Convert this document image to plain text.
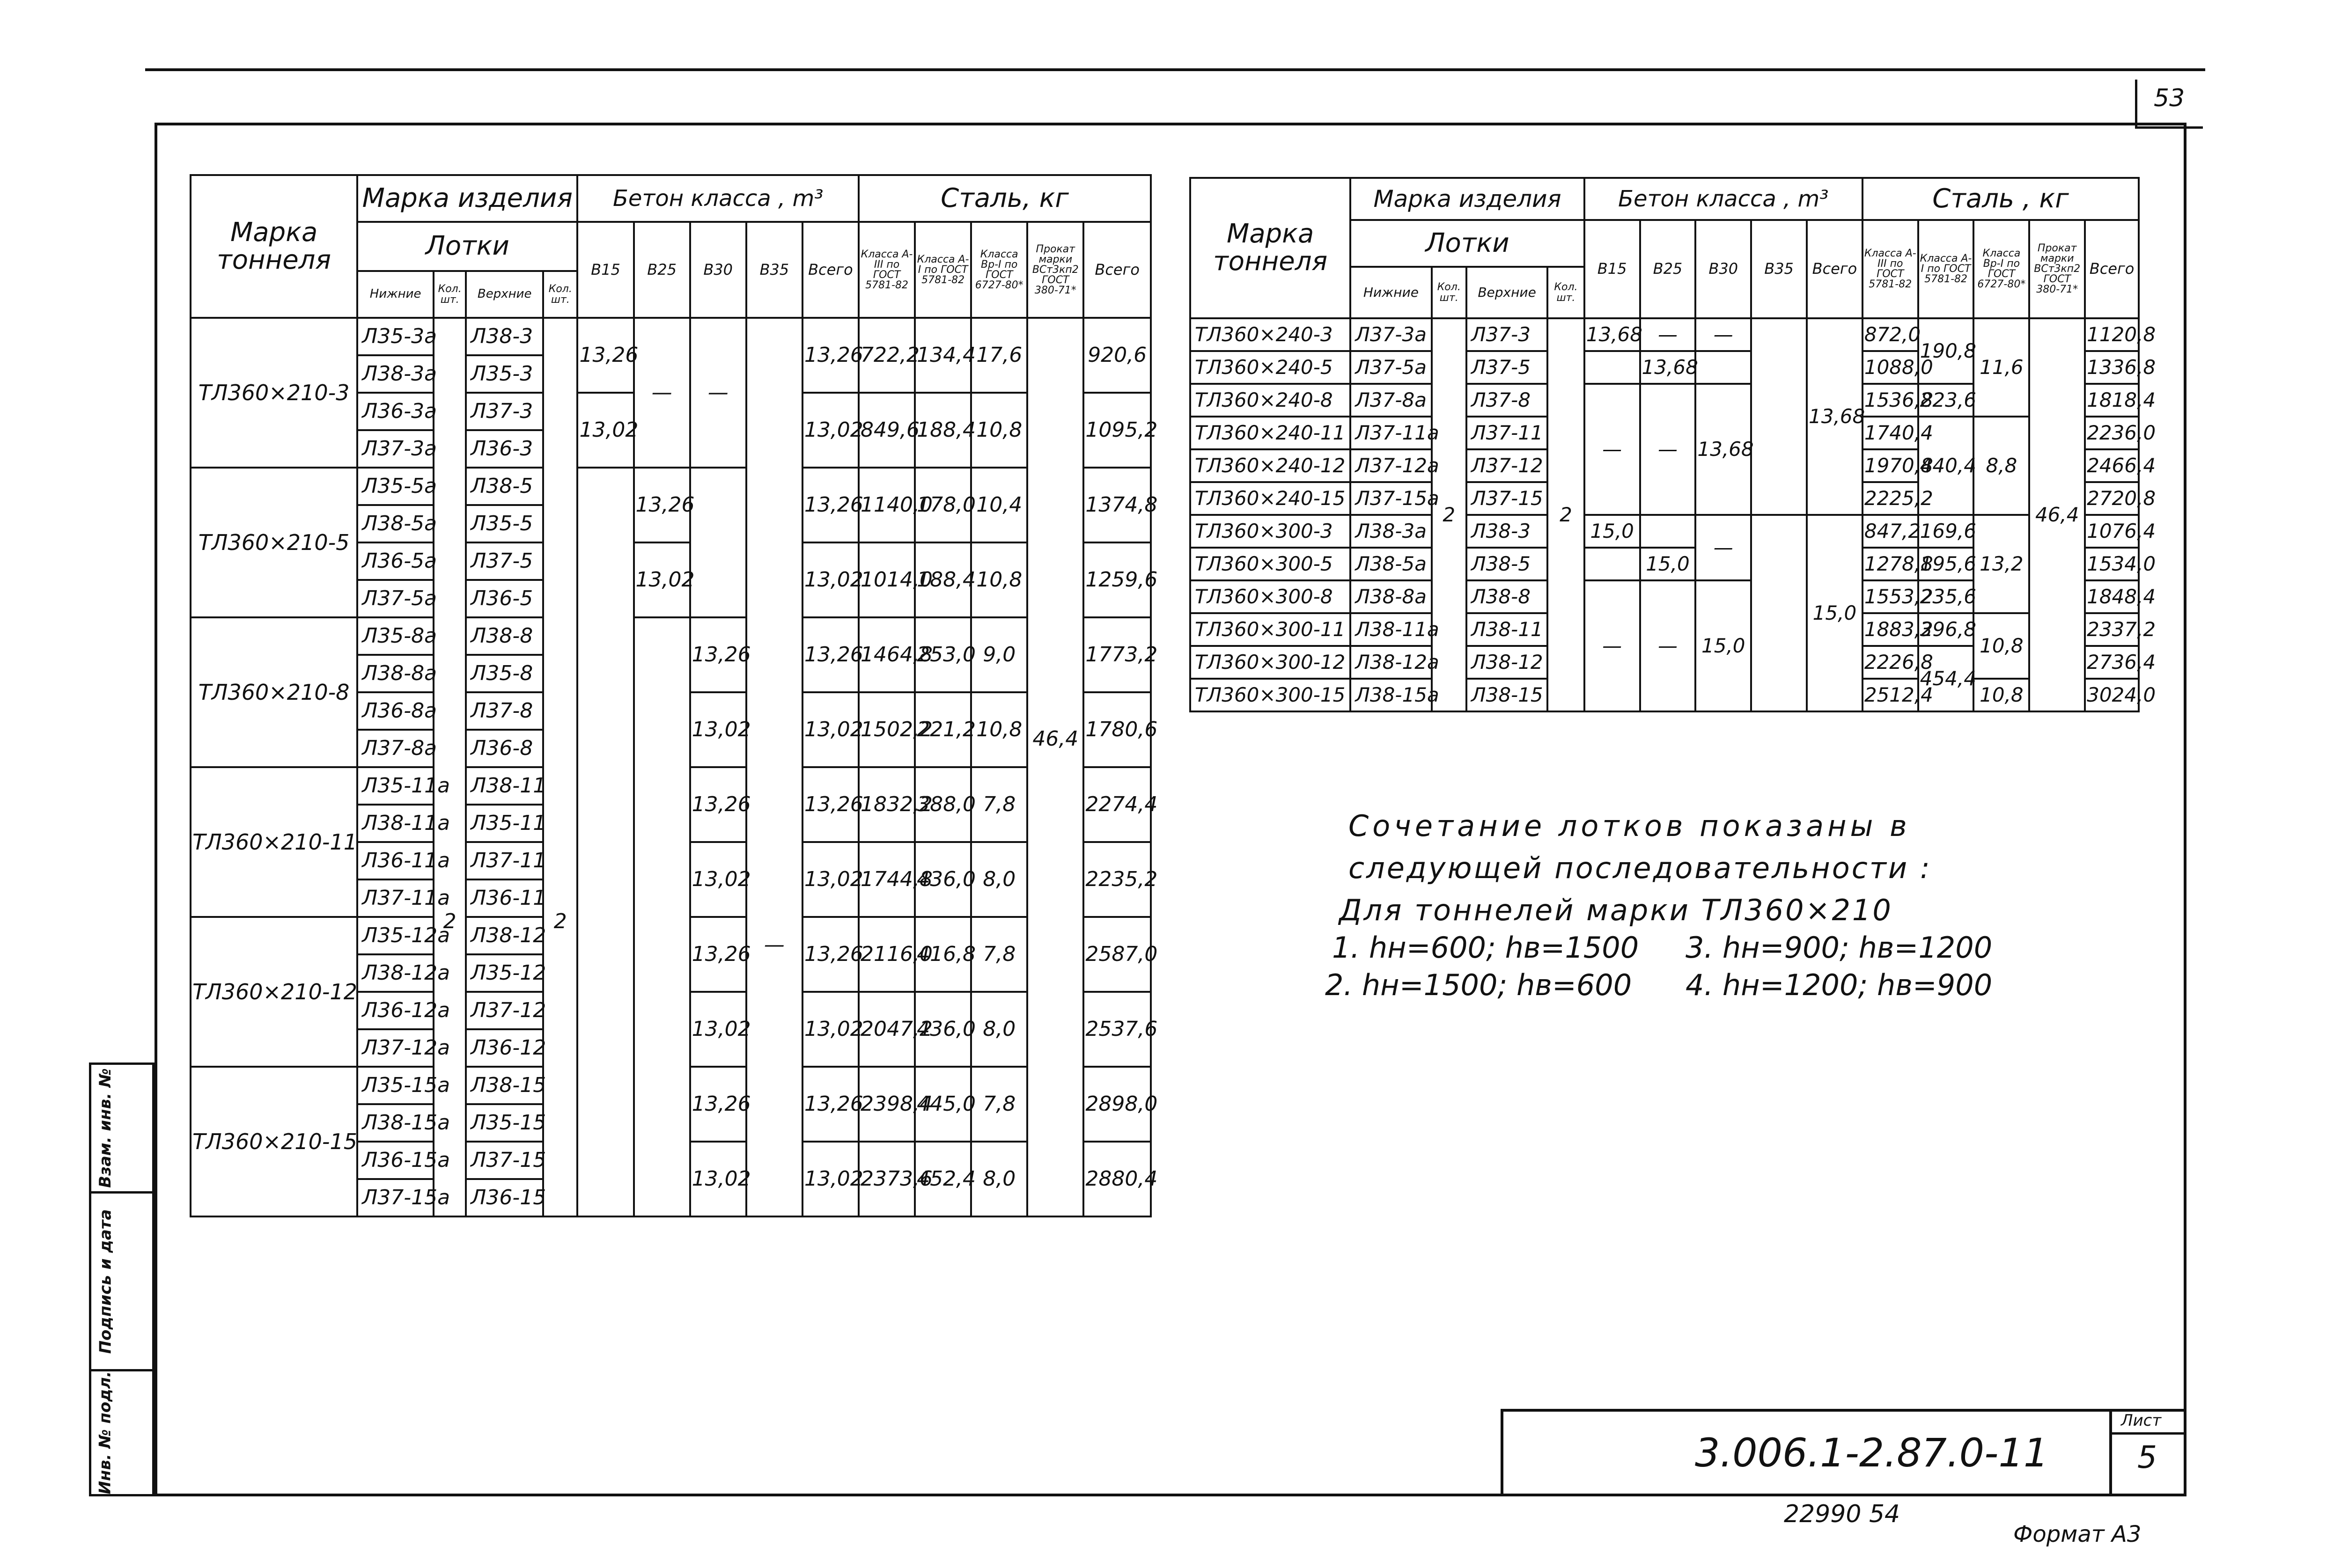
53
Взам. инв. №
Подпись и дата
Инв. № подл.
Марка тоннеля	Марка изделия				Бетон класса , m³					Сталь, кг				
	Лотки				В15	В25	В30	В35	Всего	Класса А-III по ГОСТ 5781-82	Класса А-I по ГОСТ 5781-82	Класса Вр-I по ГОСТ 6727-80*	Прокат марки ВСт3кп2 ГОСТ 380-71*	Всего
	Нижние	Кол. шт.	Верхние	Кол. шт.										
ТЛ360×210-3	Л35-3а	2	Л38-3	2	13,26	—	—	—	13,26	722,2	134,4	17,6	46,4	920,6
	Л38-3а		Л35-3											
	Л36-3а		Л37-3		13,02				13,02	849,6	188,4	10,8		1095,2
	Л37-3а		Л36-3											
ТЛ360×210-5	Л35-5а		Л38-5			13,26			13,26	1140,0	178,0	10,4		1374,8
	Л38-5а		Л35-5											
	Л36-5а		Л37-5			13,02			13,02	1014,0	188,4	10,8		1259,6
	Л37-5а		Л36-5											
ТЛ360×210-8	Л35-8а		Л38-8				13,26		13,26	1464,8	253,0	9,0		1773,2
	Л38-8а		Л35-8											
	Л36-8а		Л37-8				13,02		13,02	1502,2	221,2	10,8		1780,6
	Л37-8а		Л36-8											
ТЛ360×210-11	Л35-11а		Л38-11				13,26		13,26	1832,2	388,0	7,8		2274,4
	Л38-11а		Л35-11											
	Л36-11а		Л37-11				13,02		13,02	1744,8	436,0	8,0		2235,2
	Л37-11а		Л36-11											
ТЛ360×210-12	Л35-12а		Л38-12				13,26		13,26	2116,0	416,8	7,8		2587,0
	Л38-12а		Л35-12											
	Л36-12а		Л37-12				13,02		13,02	2047,2	436,0	8,0		2537,6
	Л37-12а		Л36-12											
ТЛ360×210-15	Л35-15а		Л38-15				13,26		13,26	2398,4	445,0	7,8		2898,0
	Л38-15а		Л35-15											
	Л36-15а		Л37-15				13,02		13,02	2373,6	452,4	8,0		2880,4
	Л37-15а		Л36-15											
Марка тоннеля	Марка изделия				Бетон класса , m³					Сталь , кг				
	Лотки				В15	В25	В30	В35	Всего	Класса А-III по ГОСТ 5781-82	Класса А-I по ГОСТ 5781-82	Класса Вр-I по ГОСТ 6727-80*	Прокат марки ВСт3кп2 ГОСТ 380-71*	Всего
	Нижние	Кол. шт.	Верхние	Кол. шт.										
ТЛ360×240-3	Л37-3а	2	Л37-3	2	13,68	—	—		13,68	872,0	190,8	11,6	46,4	1120,8
ТЛ360×240-5	Л37-5а		Л37-5			13,68				1088,0				1336,8
ТЛ360×240-8	Л37-8а		Л37-8		—	—	13,68			1536,8	223,6			1818,4
ТЛ360×240-11	Л37-11а		Л37-11							1740,4	440,4	8,8		2236,0
ТЛ360×240-12	Л37-12а		Л37-12							1970,8				2466,4
ТЛ360×240-15	Л37-15а		Л37-15							2225,2				2720,8
ТЛ360×300-3	Л38-3а		Л38-3		15,0		—		15,0	847,2	169,6	13,2		1076,4
ТЛ360×300-5	Л38-5а		Л38-5			15,0				1278,8	195,6			1534,0
ТЛ360×300-8	Л38-8а		Л38-8		—	—	15,0			1553,2	235,6			1848,4
ТЛ360×300-11	Л38-11а		Л38-11							1883,2	396,8	10,8		2337,2
ТЛ360×300-12	Л38-12а		Л38-12							2226,8	454,4			2736,4
ТЛ360×300-15	Л38-15а		Л38-15							2512,4		10,8		3024,0
Сочетание лотков показаны в
следующей последовательности :
Для тоннелей марки ТЛ360×210
1. hн=600; hв=1500
2. hн=1500; hв=600
3. hн=900; hв=1200
4. hн=1200; hв=900
3.006.1-2.87.0-11
Лист
5
22990 54
Формат А3
